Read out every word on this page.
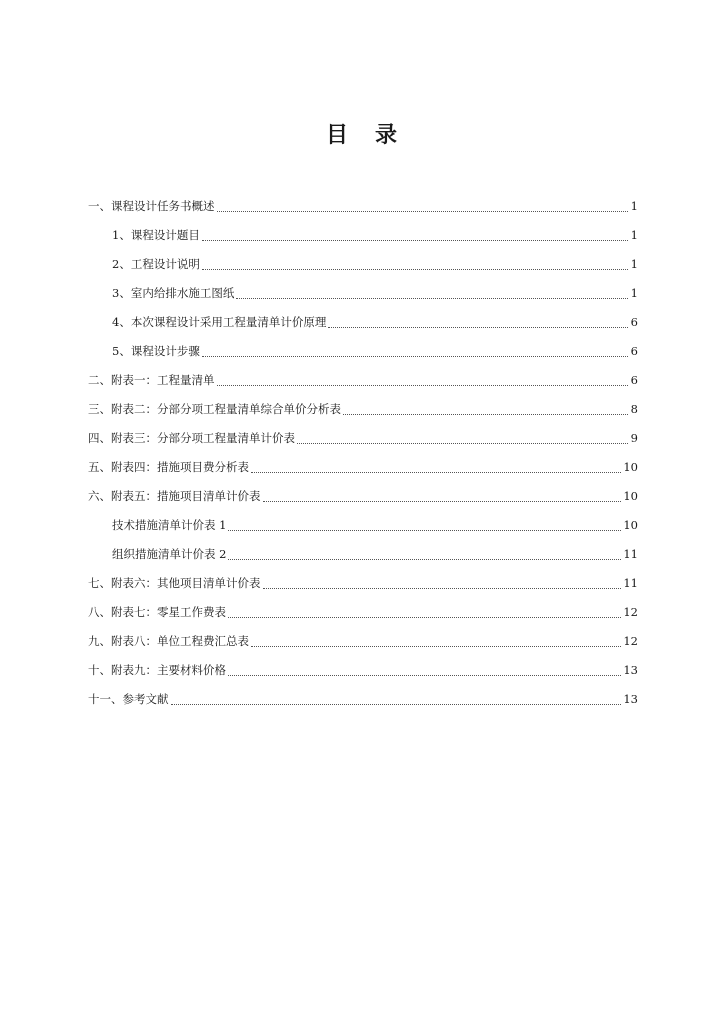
目 录
一、课程设计任务书概述	1
1、课程设计题目	1
2、工程设计说明	1
3、室内给排水施工图纸	1
4、本次课程设计采用工程量清单计价原理	6
5、课程设计步骤	6
二、附表一：工程量清单	6
三、附表二：分部分项工程量清单综合单价分析表	8
四、附表三：分部分项工程量清单计价表	9
五、附表四：措施项目费分析表	10
六、附表五：措施项目清单计价表	10
技术措施清单计价表 1	10
组织措施清单计价表 2	11
七、附表六：其他项目清单计价表	11
八、附表七：零星工作费表	12
九、附表八：单位工程费汇总表	12
十、附表九：主要材料价格	13
十一、参考文献	13
